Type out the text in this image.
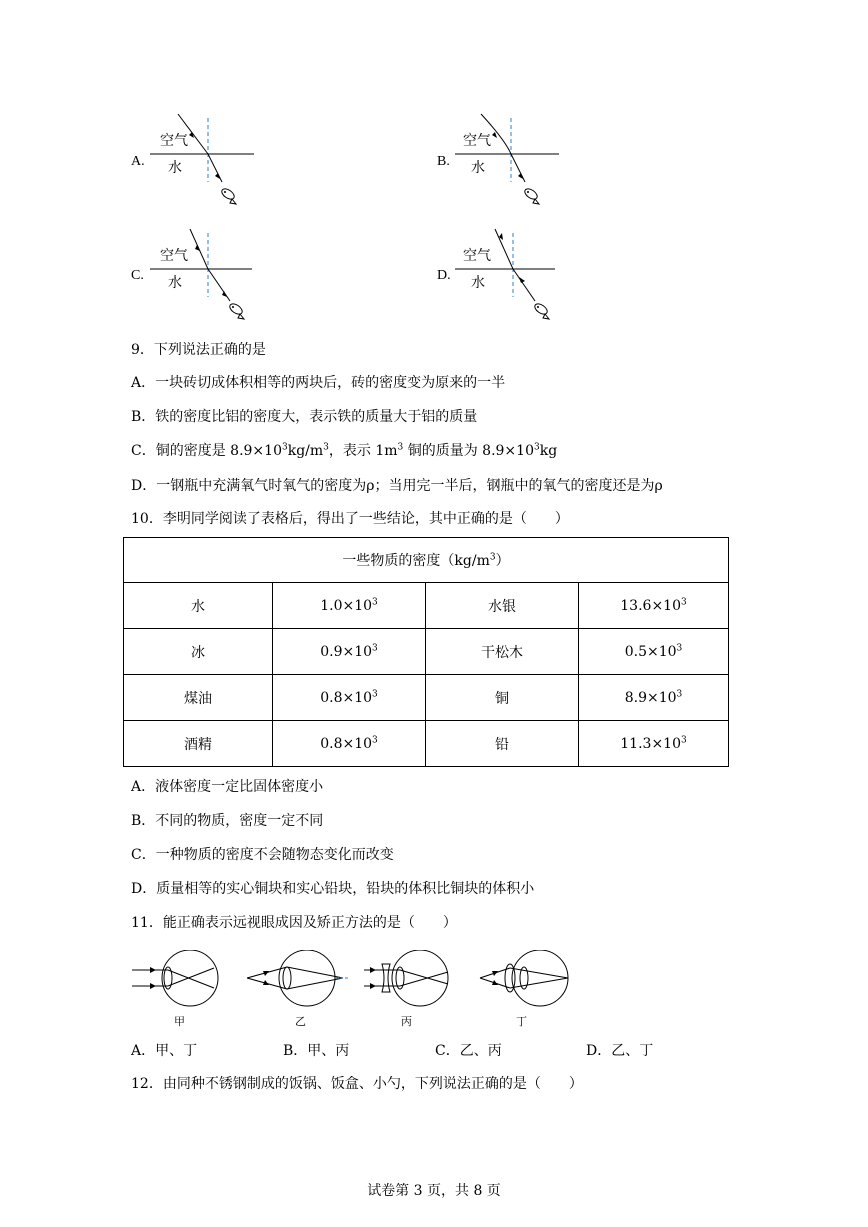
A.
空气
水	B.
空气
水
C.
空气
水	D.
空气
水
9．下列说法正确的是
A．一块砖切成体积相等的两块后，砖的密度变为原来的一半
B．铁的密度比铝的密度大，表示铁的质量大于铝的质量
C．铜的密度是 $8.9\times 10^3kg/m^3$，表示 $1m^3$ 铜的质量为 $8.9\times 10^3kg$
D．一钢瓶中充满氧气时氧气的密度为ρ；当用完一半后，钢瓶中的氧气的密度还是为ρ
10．李明同学阅读了表格后，得出了一些结论，其中正确的是（　　）
一些物质的密度$(kg/m^3)$			
水	$1.0\times 10^3$	水银	$13.6\times 10^3$
冰	$0.9\times 10^3$	干松木	$0.5\times 10^3$
煤油	$0.8\times 10^3$	铜	$8.9\times 10^3$
酒精	$0.8\times 10^3$	铅	$11.3\times 10^3$
A．液体密度一定比固体密度小
B．不同的物质，密度一定不同
C．一种物质的密度不会随物态变化而改变
D．质量相等的实心铜块和实心铅块，铅块的体积比铜块的体积小
11．能正确表示远视眼成因及矫正方法的是（　　）
甲	乙	丙	丁
A．甲、丁	B．甲、丙	C．乙、丙	D．乙、丁
12．由同种不锈钢制成的饭锅、饭盒、小勺，下列说法正确的是（　　）
试卷第 3 页，共 8 页
